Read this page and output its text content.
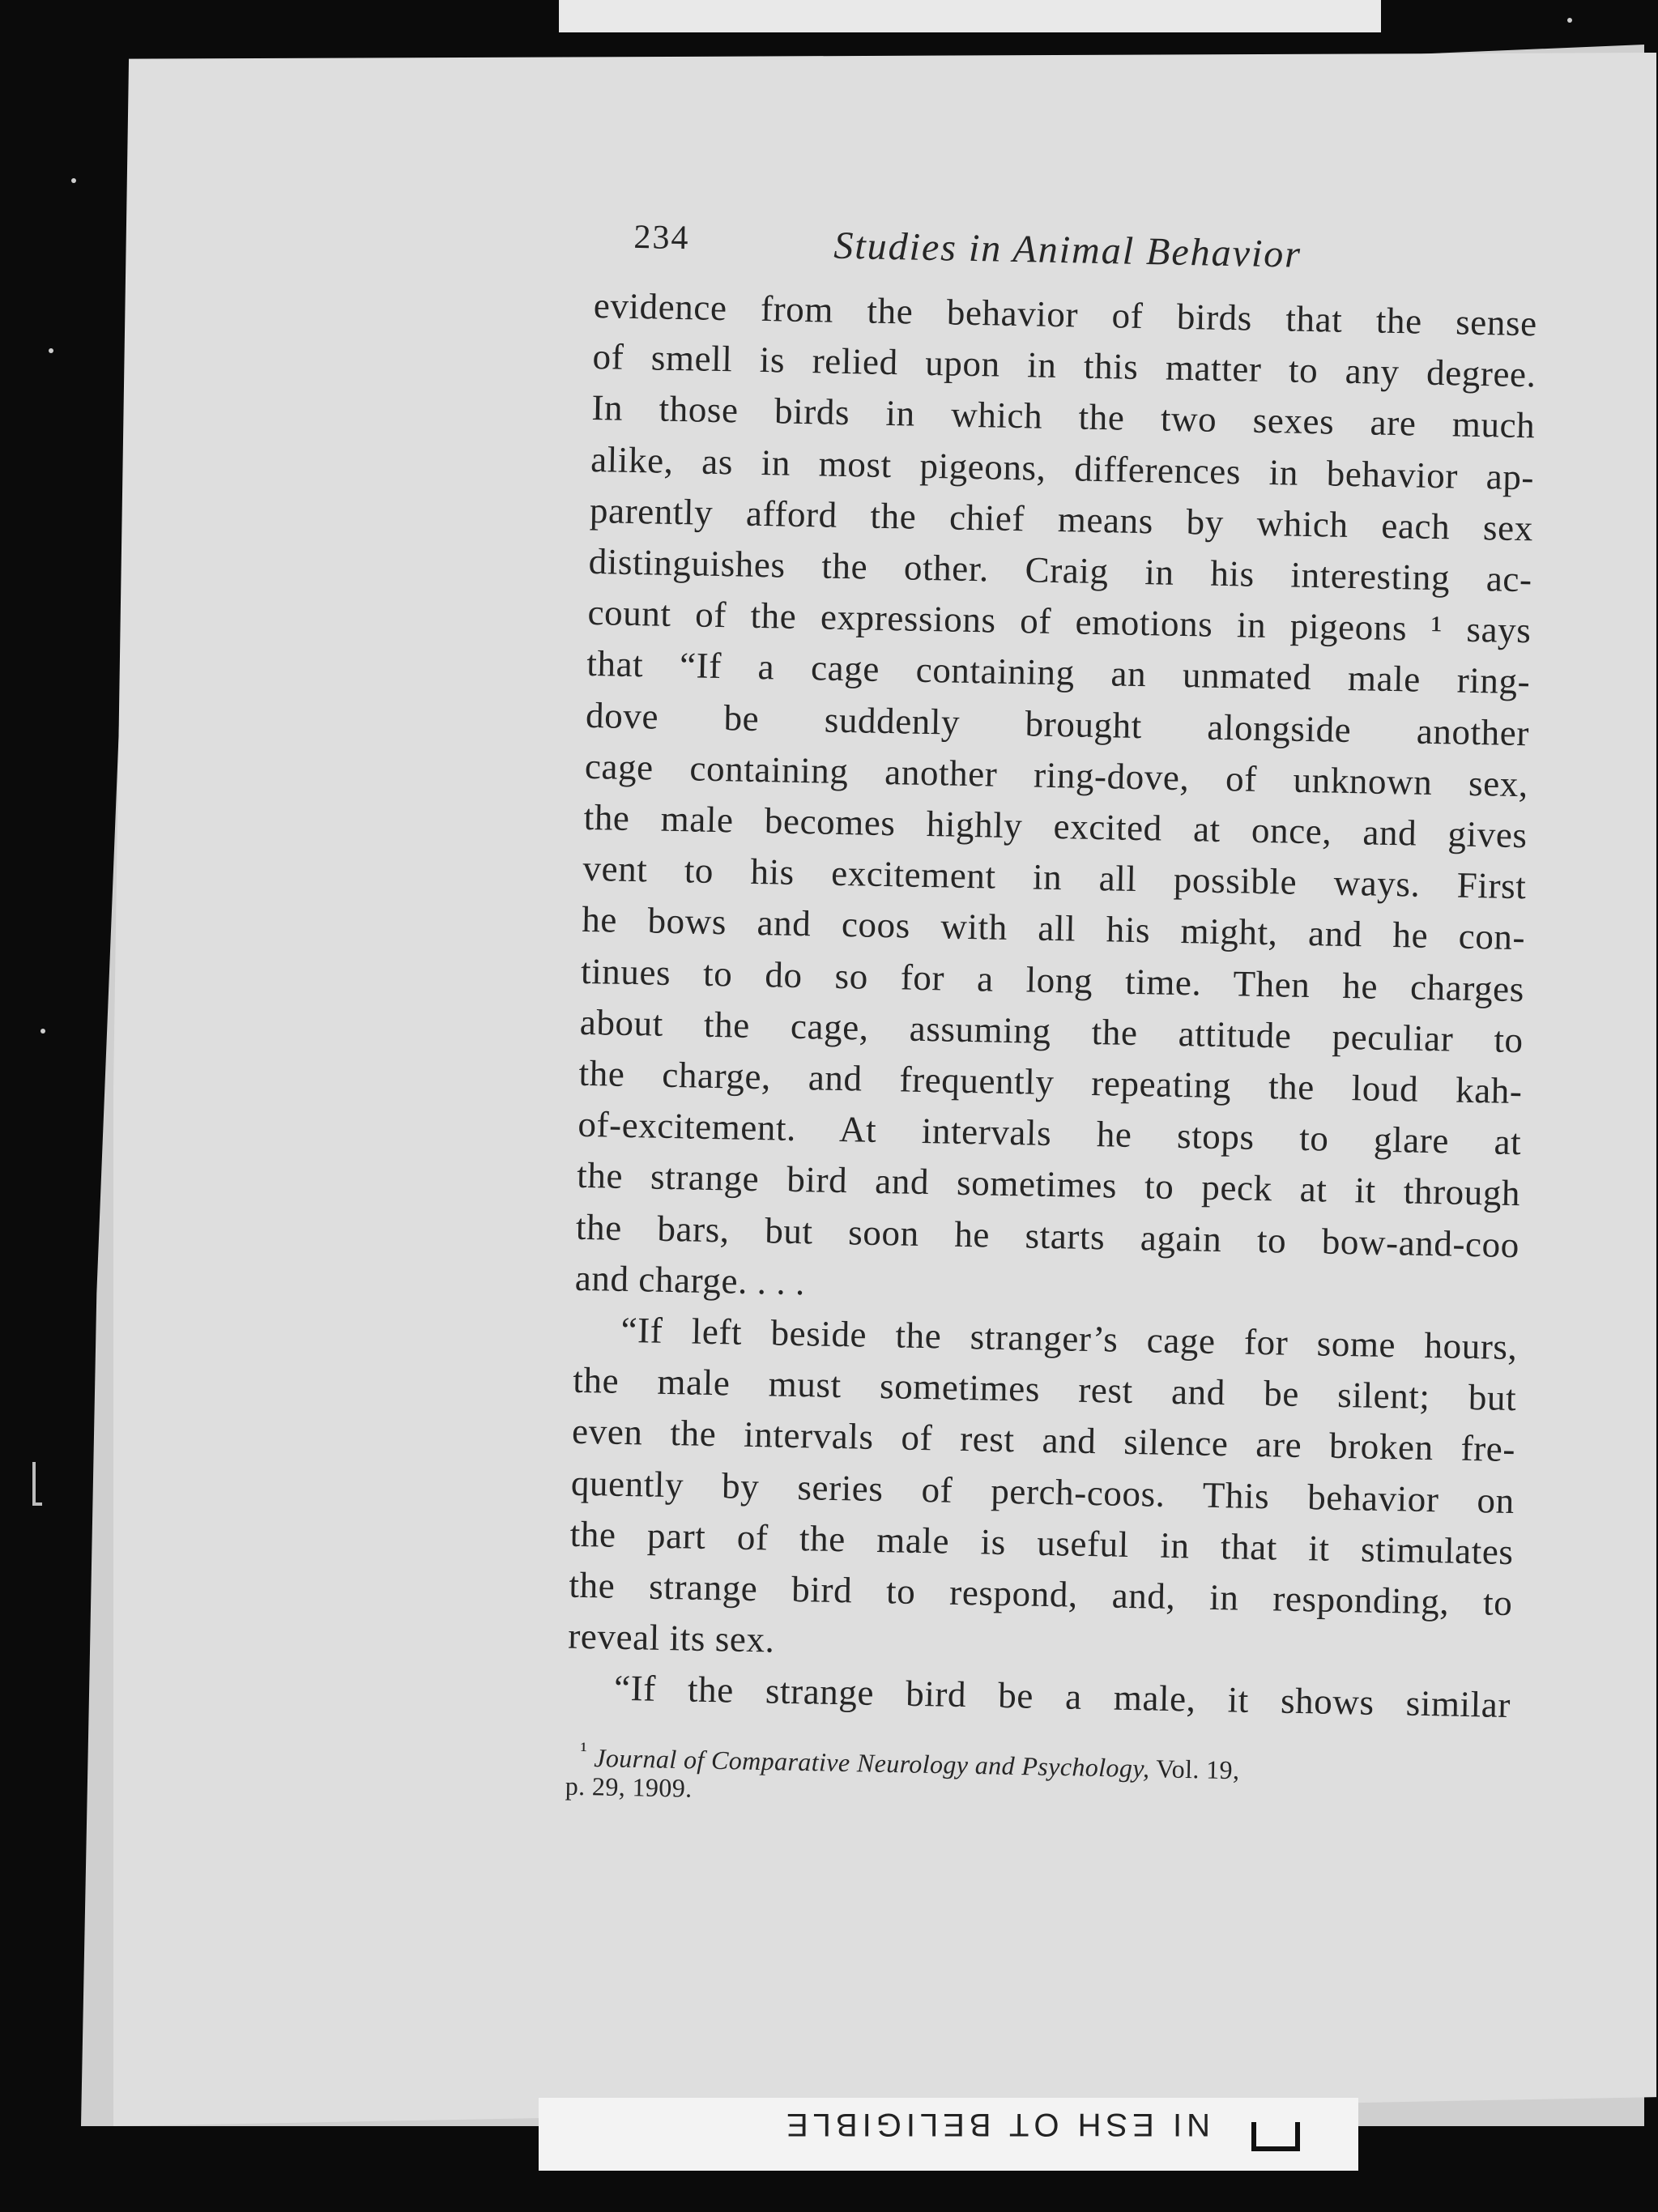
234	Studies in Animal Behavior
evidence from the behavior of birds that the sense
of smell is relied upon in this matter to any degree.
In those birds in which the two sexes are much
alike, as in most pigeons, differences in behavior ap-
parently afford the chief means by which each sex
distinguishes the other. Craig in his interesting ac-
count of the expressions of emotions in pigeons ¹ says
that “If a cage containing an unmated male ring-
dove be suddenly brought alongside another
cage containing another ring-dove, of unknown sex,
the male becomes highly excited at once, and gives
vent to his excitement in all possible ways. First
he bows and coos with all his might, and he con-
tinues to do so for a long time. Then he charges
about the cage, assuming the attitude peculiar to
the charge, and frequently repeating the loud kah-
of-excitement. At intervals he stops to glare at
the strange bird and sometimes to peck at it through
the bars, but soon he starts again to bow-and-coo
and charge. . . .
“If left beside the stranger’s cage for some hours,
the male must sometimes rest and be silent; but
even the intervals of rest and silence are broken fre-
quently by series of perch-coos. This behavior on
the part of the male is useful in that it stimulates
the strange bird to respond, and, in responding, to
reveal its sex.
“If the strange bird be a male, it shows similar
$^{^1}$ Journal of Comparative Neurology and Psychology, Vol. 19,
p. 29, 1909.
NI ESH OT BELIGIBLE
